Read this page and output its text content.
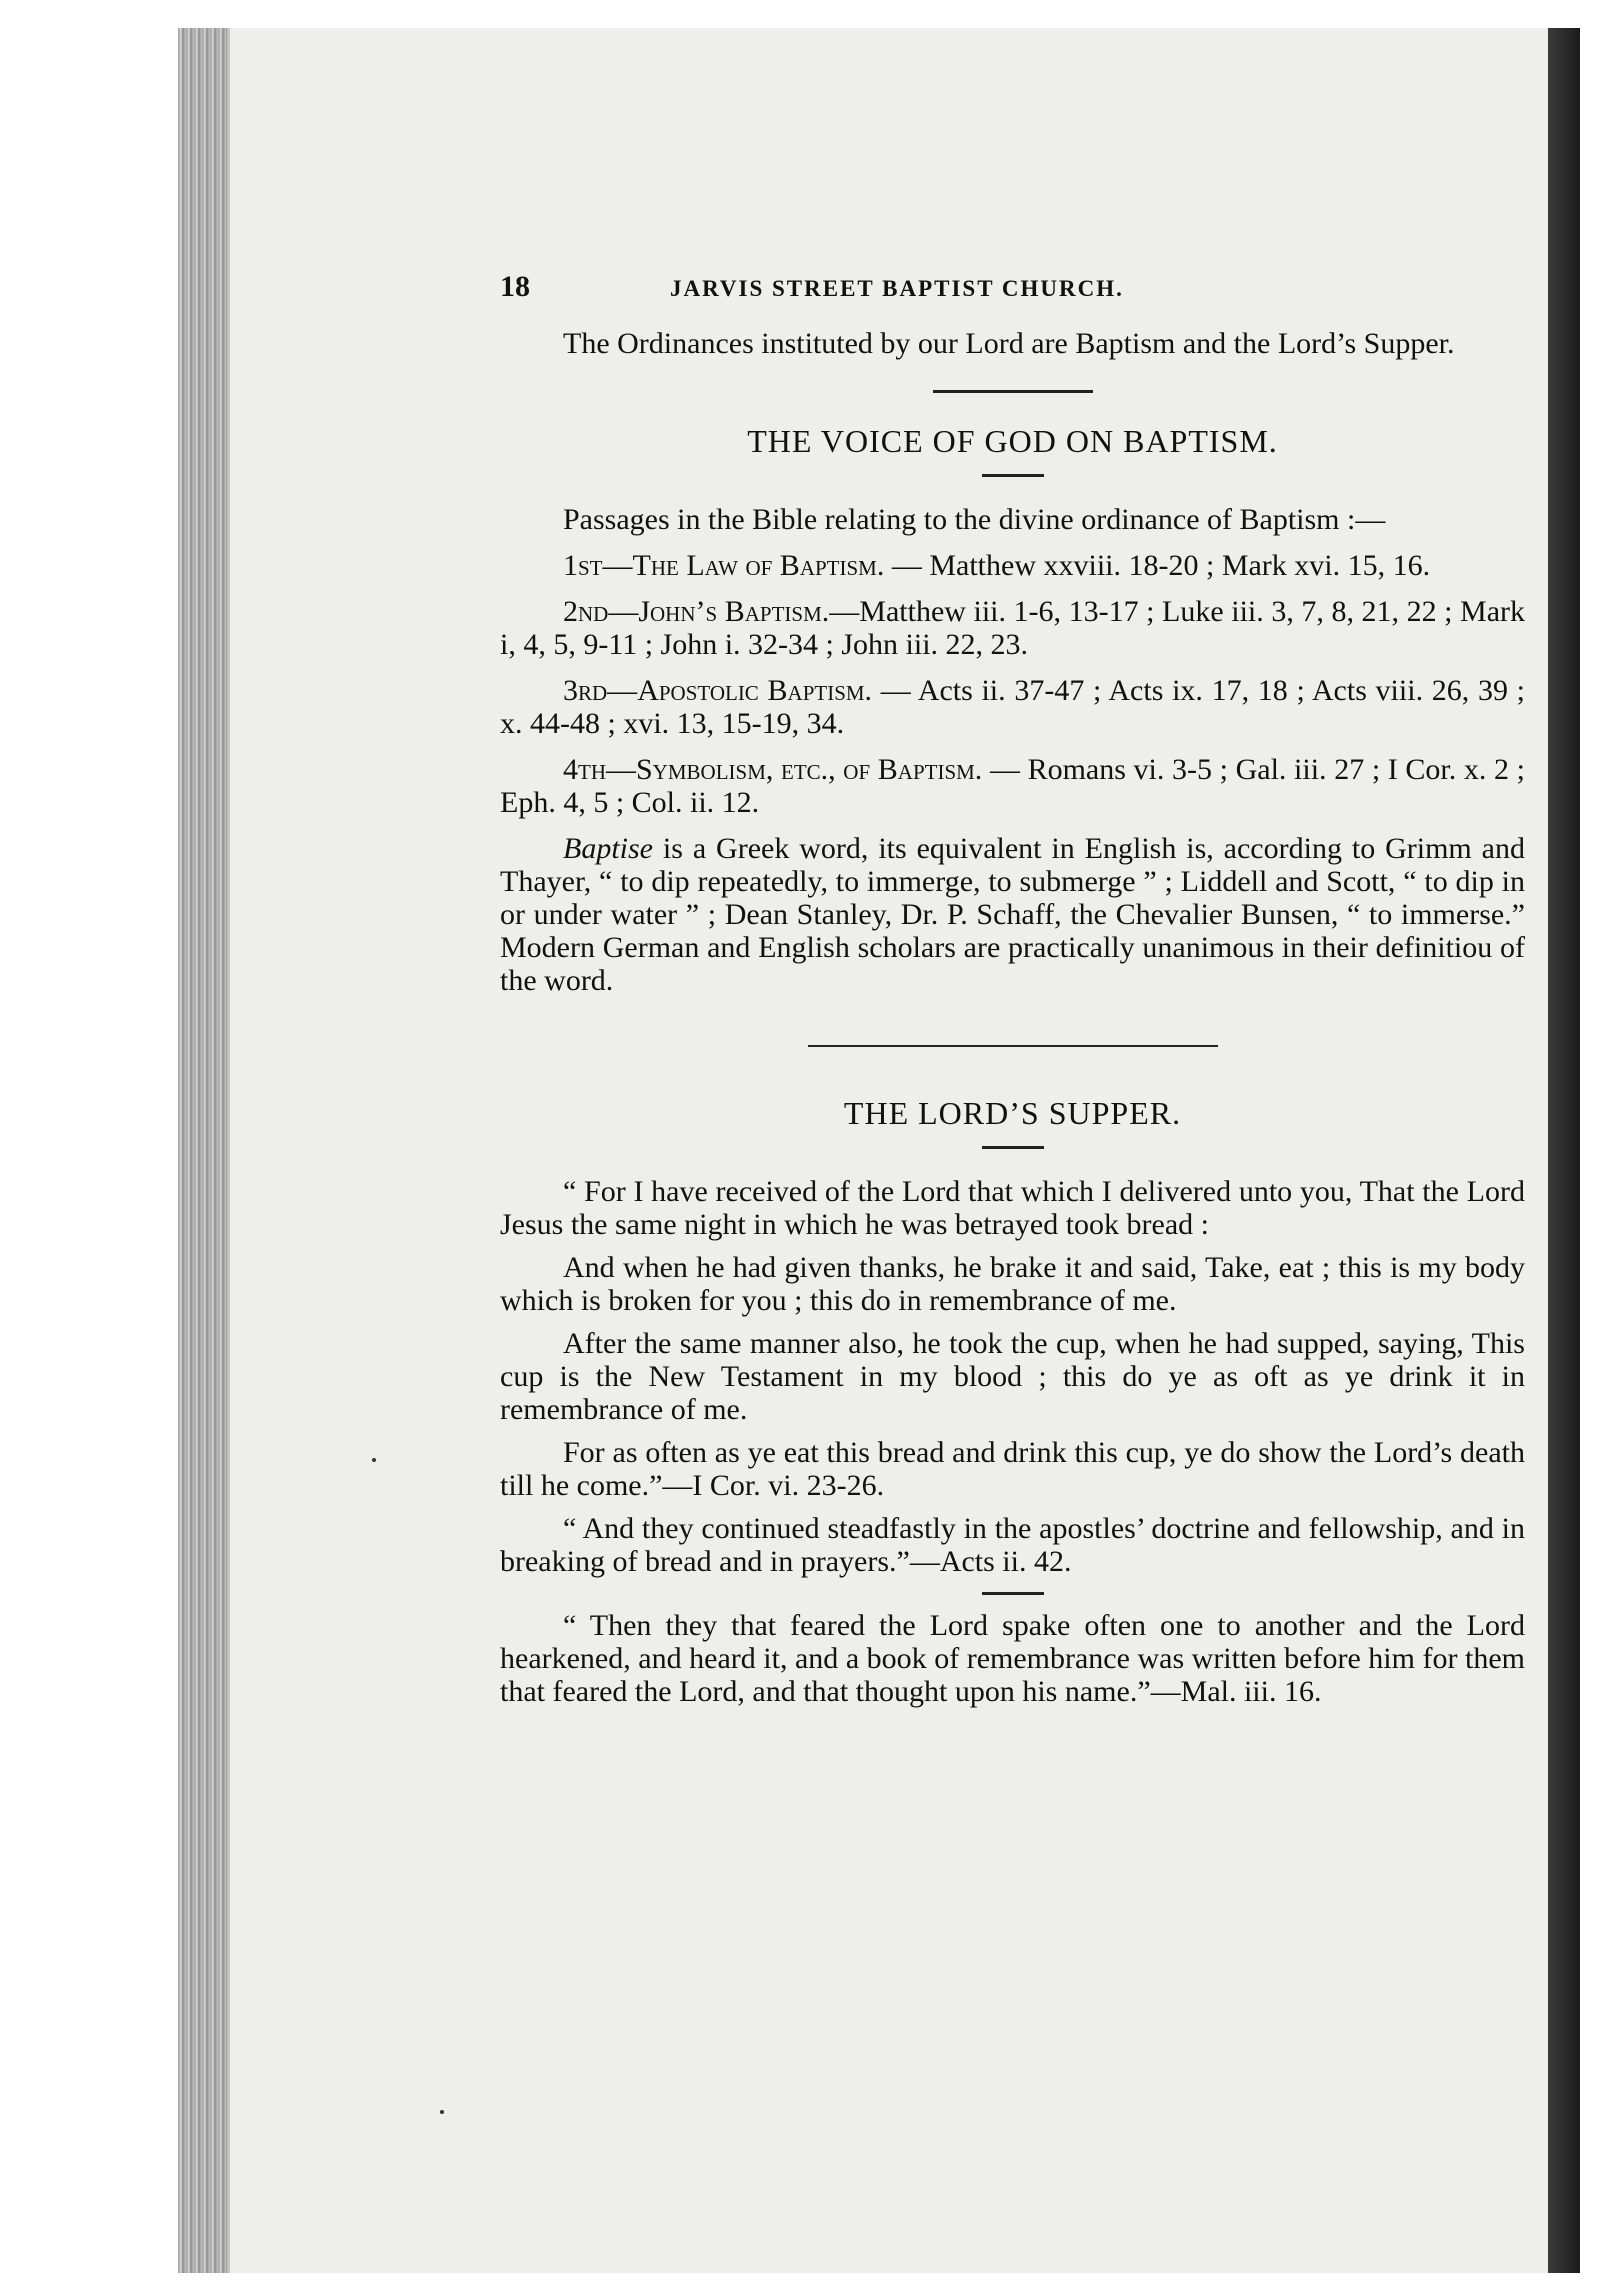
18	JARVIS STREET BAPTIST CHURCH.

The Ordinances instituted by our Lord are Baptism and the Lord’s Supper.

THE VOICE OF GOD ON BAPTISM.

Passages in the Bible relating to the divine ordinance of Baptism :—

1st—The Law of Baptism. — Matthew xxviii. 18-20 ; Mark xvi. 15, 16.

2nd—John’s Baptism.—Matthew iii. 1-6, 13-17 ; Luke iii. 3, 7, 8, 21, 22 ; Mark i, 4, 5, 9-11 ; John i. 32-34 ; John iii. 22, 23.

3rd—Apostolic Baptism. — Acts ii. 37-47 ; Acts ix. 17, 18 ; Acts viii. 26, 39 ; x. 44-48 ; xvi. 13, 15-19, 34.

4th—Symbolism, etc., of Baptism. — Romans vi. 3-5 ; Gal. iii. 27 ; I Cor. x. 2 ; Eph. 4, 5 ; Col. ii. 12.

Baptise is a Greek word, its equivalent in English is, according to Grimm and Thayer, “ to dip repeatedly, to immerge, to submerge ” ; Liddell and Scott, “ to dip in or under water ” ; Dean Stanley, Dr. P. Schaff, the Chevalier Bunsen, “ to immerse.” Modern German and English scholars are practically unanimous in their definitiou of the word.

THE LORD’S SUPPER.

“ For I have received of the Lord that which I delivered unto you, That the Lord Jesus the same night in which he was betrayed took bread :

And when he had given thanks, he brake it and said, Take, eat ; this is my body which is broken for you ; this do in remembrance of me.

After the same manner also, he took the cup, when he had supped, saying, This cup is the New Testament in my blood ; this do ye as oft as ye drink it in remembrance of me.

For as often as ye eat this bread and drink this cup, ye do show the Lord’s death till he come.”—I Cor. vi. 23-26.

“ And they continued steadfastly in the apostles’ doctrine and fellowship, and in breaking of bread and in prayers.”—Acts ii. 42.

“ Then they that feared the Lord spake often one to another and the Lord hearkened, and heard it, and a book of remembrance was written before him for them that feared the Lord, and that thought upon his name.”—Mal. iii. 16.
